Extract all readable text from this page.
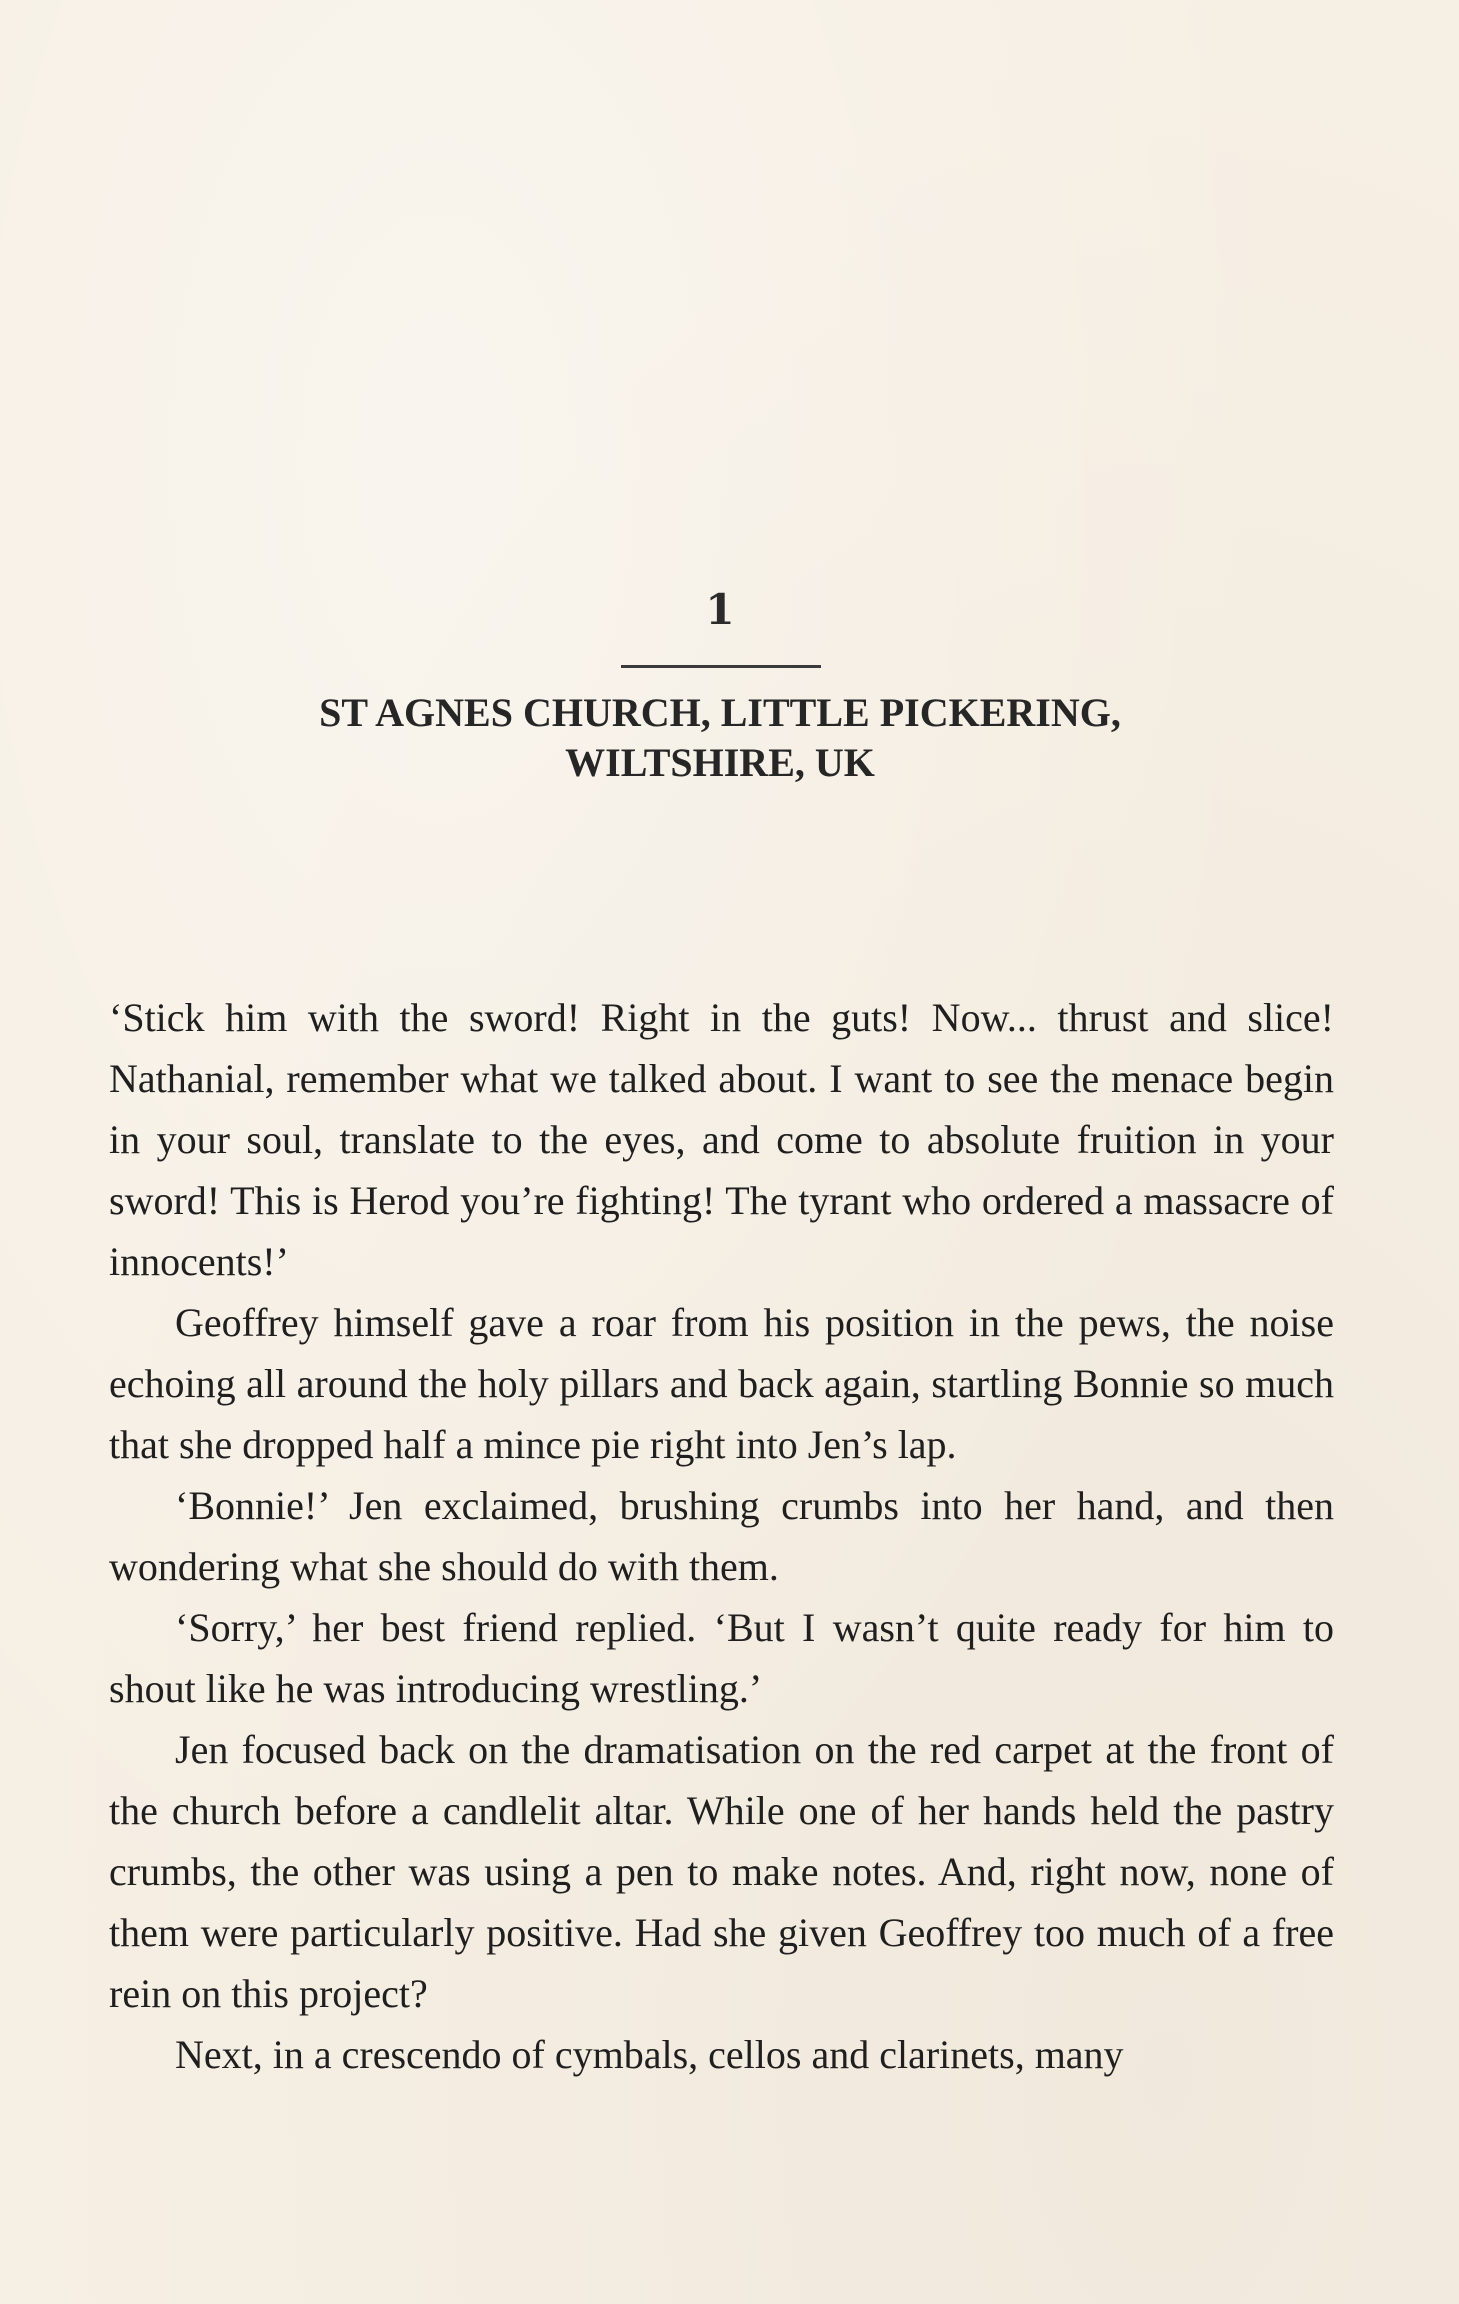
1
ST AGNES CHURCH, LITTLE PICKERING,
WILTSHIRE, UK

‘Stick him with the sword! Right in the guts! Now... thrust and slice! Nathanial, remember what we talked about. I want to see the menace begin in your soul, translate to the eyes, and come to absolute fruition in your sword! This is Herod you’re fighting! The tyrant who ordered a massacre of innocents!’

Geoffrey himself gave a roar from his position in the pews, the noise echoing all around the holy pillars and back again, startling Bonnie so much that she dropped half a mince pie right into Jen’s lap.

‘Bonnie!’ Jen exclaimed, brushing crumbs into her hand, and then wondering what she should do with them.

‘Sorry,’ her best friend replied. ‘But I wasn’t quite ready for him to shout like he was introducing wrestling.’

Jen focused back on the dramatisation on the red carpet at the front of the church before a candlelit altar. While one of her hands held the pastry crumbs, the other was using a pen to make notes. And, right now, none of them were particularly positive. Had she given Geoffrey too much of a free rein on this project?

Next, in a crescendo of cymbals, cellos and clarinets, many
